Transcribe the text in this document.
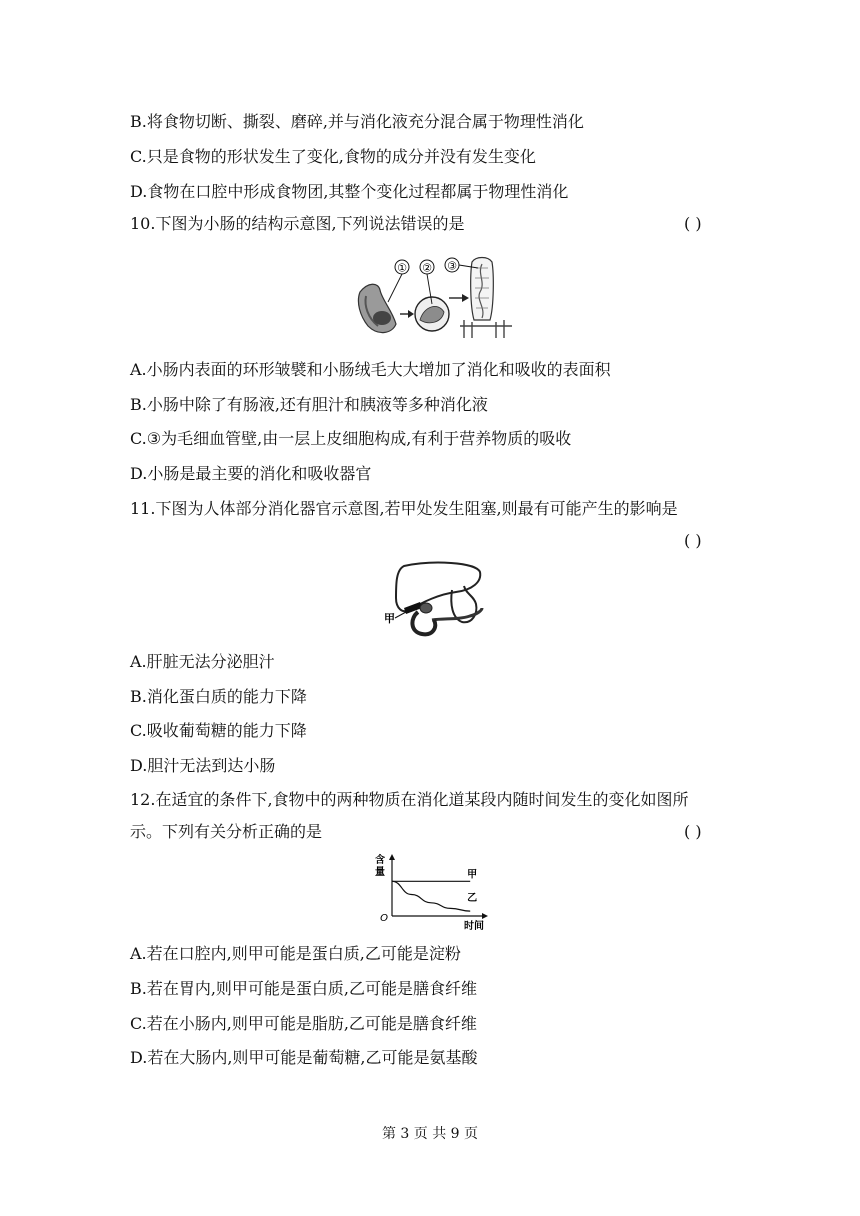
B.将食物切断、撕裂、磨碎,并与消化液充分混合属于物理性消化
C.只是食物的形状发生了变化,食物的成分并没有发生变化
D.食物在口腔中形成食物团,其整个变化过程都属于物理性消化
10.下图为小肠的结构示意图,下列说法错误的是	( )
① ② ③
A.小肠内表面的环形皱襞和小肠绒毛大大增加了消化和吸收的表面积
B.小肠中除了有肠液,还有胆汁和胰液等多种消化液
C.③为毛细血管壁,由一层上皮细胞构成,有利于营养物质的吸收
D.小肠是最主要的消化和吸收器官
11.下图为人体部分消化器官示意图,若甲处发生阻塞,则最有可能产生的影响是
( )
甲
A.肝脏无法分泌胆汁
B.消化蛋白质的能力下降
C.吸收葡萄糖的能力下降
D.胆汁无法到达小肠
12.在适宜的条件下,食物中的两种物质在消化道某段内随时间发生的变化如图所
示。下列有关分析正确的是	( )
含
量
时间
O
甲
乙
A.若在口腔内,则甲可能是蛋白质,乙可能是淀粉
B.若在胃内,则甲可能是蛋白质,乙可能是膳食纤维
C.若在小肠内,则甲可能是脂肪,乙可能是膳食纤维
D.若在大肠内,则甲可能是葡萄糖,乙可能是氨基酸
第 3 页 共 9 页
